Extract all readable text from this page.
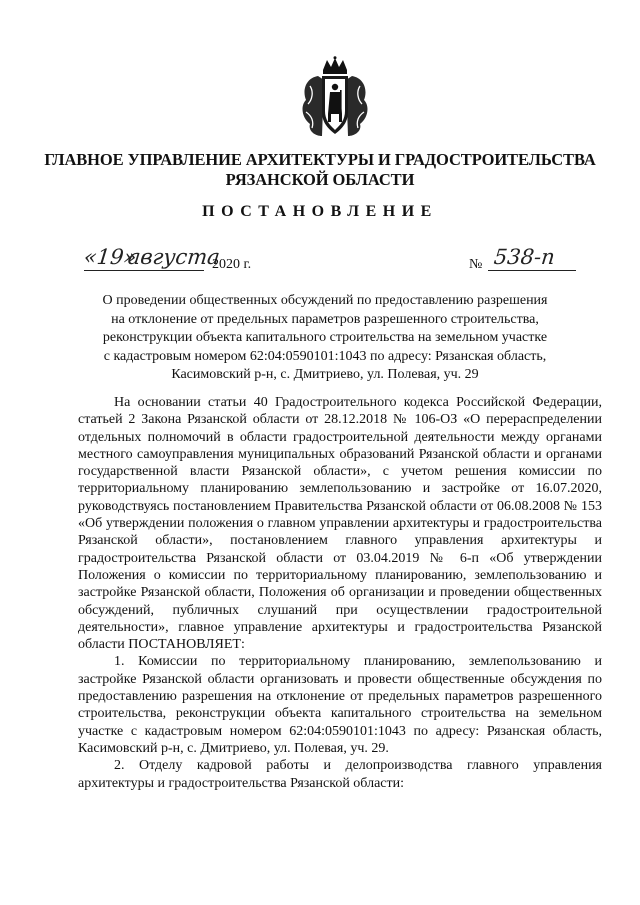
ГЛАВНОЕ УПРАВЛЕНИЕ АРХИТЕКТУРЫ И ГРАДОСТРОИТЕЛЬСТВА
РЯЗАНСКОЙ ОБЛАСТИ
ПОСТАНОВЛЕНИЕ
«19»
августа
2020 г.	№ 538-п
О проведении общественных обсуждений по предоставлению разрешения
на отклонение от предельных параметров разрешенного строительства,
реконструкции объекта капитального строительства на земельном участке
с кадастровым номером 62:04:0590101:1043 по адресу: Рязанская область,
Касимовский р-н, с. Дмитриево, ул. Полевая, уч. 29

На основании статьи 40 Градостроительного кодекса Российской Федерации, статьей 2 Закона Рязанской области от 28.12.2018 № 106-ОЗ «О перераспределении отдельных полномочий в области градостроительной деятельности между органами местного самоуправления муниципальных образований Рязанской области и органами государственной власти Рязанской области», с учетом решения комиссии по территориальному планированию землепользованию и застройке от 16.07.2020, руководствуясь постановлением Правительства Рязанской области от 06.08.2008 № 153 «Об утверждении положения о главном управлении архитектуры и градостроительства Рязанской области», постановлением главного управления архитектуры и градостроительства Рязанской области от 03.04.2019 № 6-п «Об утверждении Положения о комиссии по территориальному планированию, землепользованию и застройке Рязанской области, Положения об организации и проведении общественных обсуждений, публичных слушаний при осуществлении градостроительной деятельности», главное управление архитектуры и градостроительства Рязанской области ПОСТАНОВЛЯЕТ:

1. Комиссии по территориальному планированию, землепользованию и застройке Рязанской области организовать и провести общественные обсуждения по предоставлению разрешения на отклонение от предельных параметров разрешенного строительства, реконструкции объекта капитального строительства на земельном участке с кадастровым номером 62:04:0590101:1043 по адресу: Рязанская область, Касимовский р-н, с. Дмитриево, ул. Полевая, уч. 29.

2. Отделу кадровой работы и делопроизводства главного управления архитектуры и градостроительства Рязанской области:
